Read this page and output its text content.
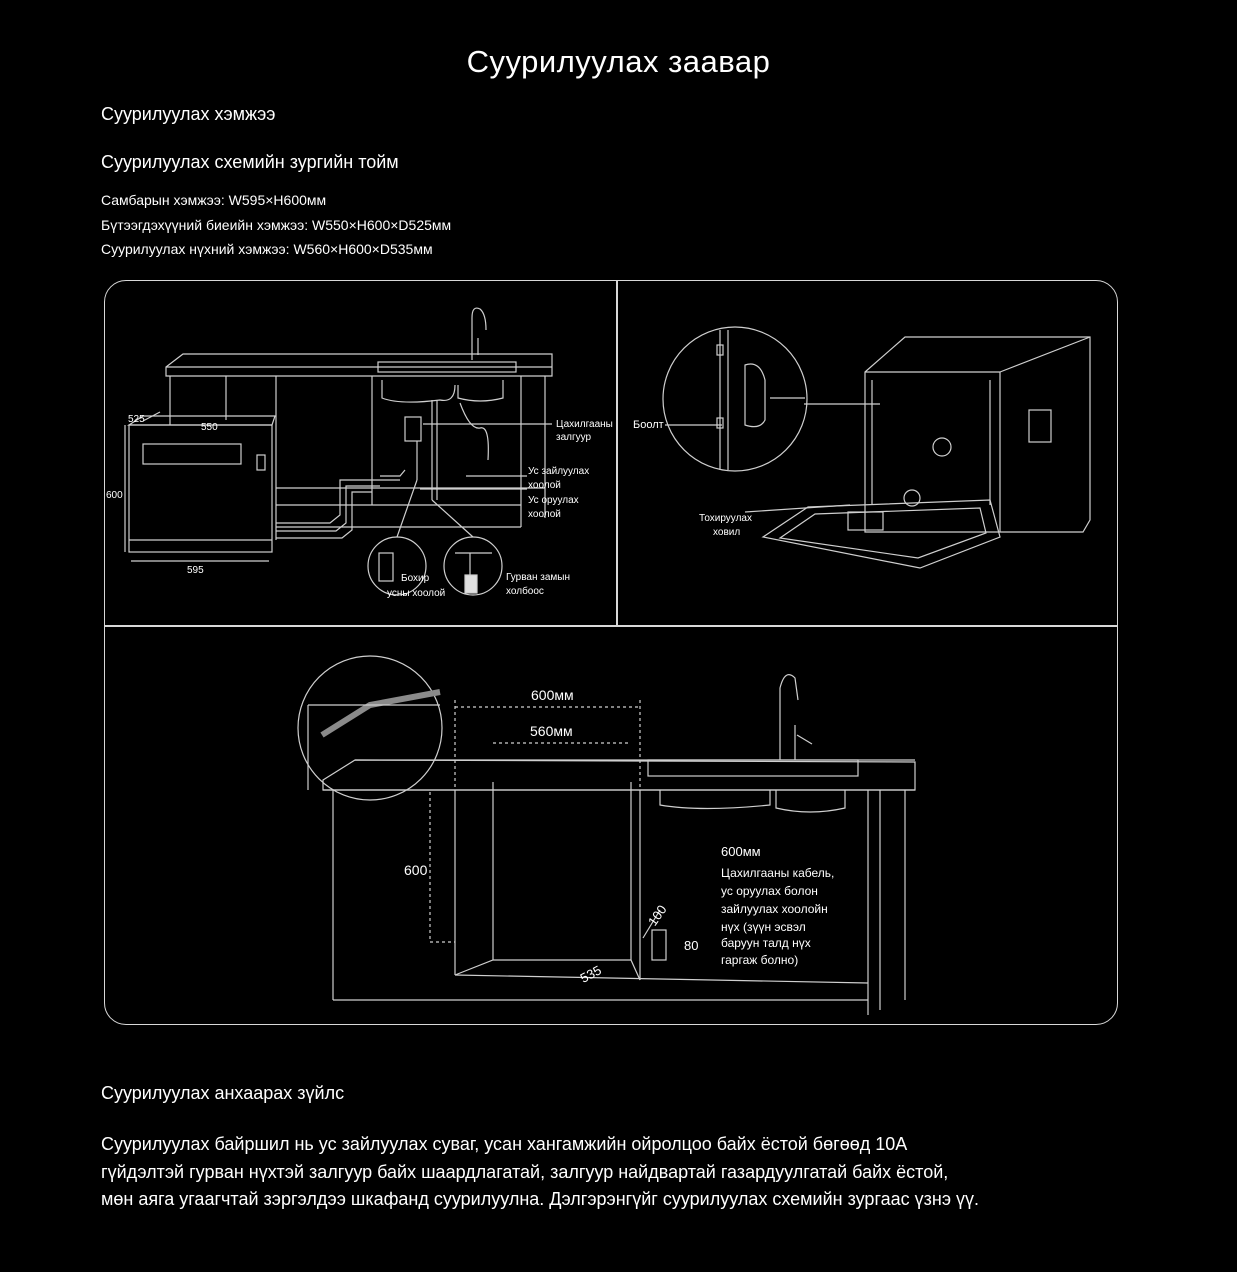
Суурилуулах заавар
Суурилуулах хэмжээ
Суурилуулах схемийн зургийн тойм
Самбарын хэмжээ: W595×H600мм
Бүтээгдэхүүний биеийн хэмжээ: W550×H600×D525мм
Суурилуулах нүхний хэмжээ: W560×H600×D535мм
525
550
600
595
Цахилгааны
залгуур
Ус зайлуулах
хоолой
Ус оруулах
хоолой
Бохир
усны хоолой
Гурван замын
холбоос
Боолт
Тохируулах
ховил
600мм
560мм
600
535
100
80
600мм
Цахилгааны кабель,
ус оруулах болон
зайлуулах хоолойн
нүх (зүүн эсвэл
баруун талд нүх
гаргаж болно)
Суурилуулах анхаарах зүйлс
Суурилуулах байршил нь ус зайлуулах суваг, усан хангамжийн ойролцоо байх ёстой бөгөөд 10А гүйдэлтэй гурван нүхтэй залгуур байх шаардлагатай, залгуур найдвартай газардуулгатай байх ёстой, мөн аяга угаагчтай зэргэлдээ шкафанд суурилуулна. Дэлгэрэнгүйг суурилуулах схемийн зургаас үзнэ үү.
